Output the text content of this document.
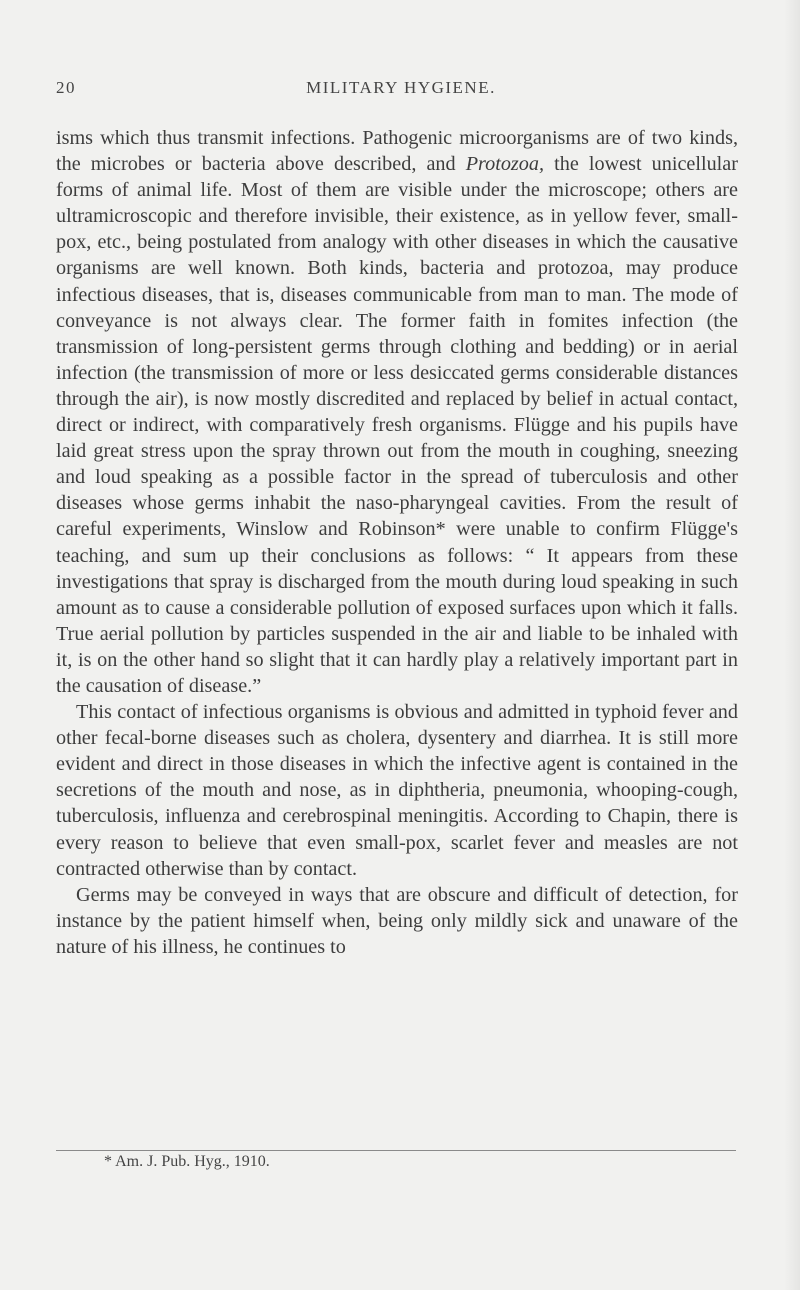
20	MILITARY HYGIENE.

isms which thus transmit infections. Pathogenic microorganisms are of two kinds, the microbes or bacteria above described, and Protozoa, the lowest unicellular forms of animal life. Most of them are visible under the microscope; others are ultramicroscopic and therefore invisible, their existence, as in yellow fever, small-pox, etc., being postulated from analogy with other diseases in which the causative organisms are well known. Both kinds, bacteria and protozoa, may produce infectious diseases, that is, diseases communicable from man to man. The mode of conveyance is not always clear. The former faith in fomites infection (the transmission of long-persistent germs through clothing and bedding) or in aerial infection (the transmission of more or less desiccated germs considerable distances through the air), is now mostly discredited and replaced by belief in actual contact, direct or indirect, with comparatively fresh organisms. Flügge and his pupils have laid great stress upon the spray thrown out from the mouth in coughing, sneezing and loud speaking as a possible factor in the spread of tuberculosis and other diseases whose germs inhabit the naso-pharyngeal cavities. From the result of careful experiments, Winslow and Robinson* were unable to confirm Flügge's teaching, and sum up their conclusions as follows: “ It appears from these investigations that spray is discharged from the mouth during loud speaking in such amount as to cause a considerable pollution of exposed surfaces upon which it falls. True aerial pollution by particles suspended in the air and liable to be inhaled with it, is on the other hand so slight that it can hardly play a relatively important part in the causation of disease.”

This contact of infectious organisms is obvious and admitted in typhoid fever and other fecal-borne diseases such as cholera, dysentery and diarrhea. It is still more evident and direct in those diseases in which the infective agent is contained in the secretions of the mouth and nose, as in diphtheria, pneumonia, whooping-cough, tuberculosis, influenza and cerebrospinal meningitis. According to Chapin, there is every reason to believe that even small-pox, scarlet fever and measles are not contracted otherwise than by contact.

Germs may be conveyed in ways that are obscure and difficult of detection, for instance by the patient himself when, being only mildly sick and unaware of the nature of his illness, he continues to

* Am. J. Pub. Hyg., 1910.
